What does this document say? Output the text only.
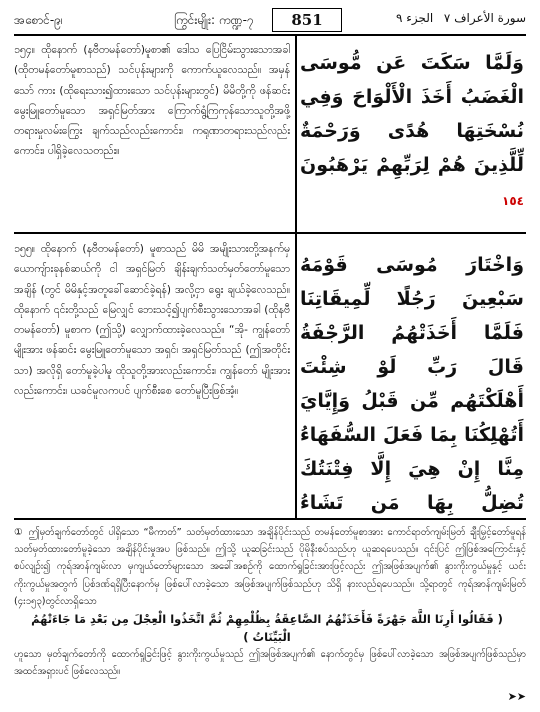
အစောင်-၉၊	ကြွင်းမျိုး: ကဏ္ဍ-၇	851	الجزء ٩ سورة الأعراف ٧

၁၅၄။ ထိုနောက် (နဗီတမန်တော်)မူစာ၏ ဒေါသ ပြေငြိမ်းသွားသောအခါ (ထိုတမန်တော်မူစာသည်) သင်ပုန်းများကို ကောက်ယူလေသည်။ အမှန်သော် ကား (ထိုရေးသား၍ထားသော သင်ပုန်းများတွင်) မိမိတို့ကို ဖန်ဆင်းမွေးမြူတော်မူသော အရှင်မြတ်အား ကြောက်ရွံ့ကြကုန်သောသူတို့အဖို့ တရားမှုလမ်းကြွေး ချက်သည်လည်းကောင်း၊ ကရုဏာတရားသည်လည်း ကောင်း၊ ပါရှိခဲ့လေသတည်း။

၁၅၅။ ထိုနောက် (နဗီတမန်တော်) မူစာသည် မိမိ အမျိုးသားတို့အနက်မှ ယောကျ်ားခုနစ်ဆယ်ကို ငါ အရှင်မြတ် ချိန်းချက်သတ်မှတ်တော်မူသောအချိန် (တွင် မိမိနှင့်အတူခေါ်ဆောင်ခဲ့ရန်) အလို့ငှာ ရွေး ချယ်ခဲ့လေသည်။ ထိုနောက် ၎င်းတို့သည် မြေလျှင် ဘေးသင့်၍ပျက်စီးသွားသောအခါ (ထိုနဗီတမန်တော်) မူစာက (ဤသို့) လျှောက်ထားခဲ့လေသည်။ “အို- ကျွန်တော်မျိုးအား ဖန်ဆင်း မွေးမြူတော်မူသော အရှင်၊ အရှင်မြတ်သည် (ဤအတိုင်းသာ) အလိုရှိ တော်မူခဲ့ပါမူ ထိုသူတို့အားလည်းကောင်း၊ ကျွန်တော် မျိုးအားလည်းကောင်း၊ ယခင်မူလကပင် ပျက်စီးစေ တော်မူပြီးဖြစ်အံ့။

وَلَمَّا سَكَتَ عَن مُّوسَى الْغَضَبُ أَخَذَ الْأَلْوَاحَ وَفِي نُسْخَتِهَا هُدًى وَرَحْمَةٌ لِّلَّذِينَ هُمْ لِرَبِّهِمْ يَرْهَبُونَ ١٥٤

وَاخْتَارَ مُوسَى قَوْمَهُ سَبْعِينَ رَجُلًا لِّمِيقَاتِنَا فَلَمَّا أَخَذَتْهُمُ الرَّجْفَةُ قَالَ رَبِّ لَوْ شِئْتَ أَهْلَكْتَهُم مِّن قَبْلُ وَإِيَّايَ أَتُهْلِكُنَا بِمَا فَعَلَ السُّفَهَاءُ مِنَّا إِنْ هِيَ إِلَّا فِتْنَتُكَ تُضِلُّ بِهَا مَن تَشَاءُ

① ဤမှတ်ချက်တော်တွင် ပါရှိသော “မီကာတ်” သတ်မှတ်ထားသော အချိန်ပိုင်းသည် တမန်တော်မူစာအား ကောင်ရာတ်ကျမ်းမြတ် ချီးမြှင့်တော်မူရန် သတ်မှတ်ထားတော်မူခဲ့သော အချိန်ပိုင်းမှုအပ ဖြစ်သည်။ ဤသို့ ယူဆခြင်းသည် ပိုမိုနီးစပ်သည်ဟု ယူဆရပေသည်။ ၎င်းပြင် ဤဖြစ်အကြောင်းနှင့်စပ်လျဉ်း၍ ကုရ်အာန်ကျမ်းလာ မှကျယ်တော်များသော အခေါ်အစဉ်ကို ထောက်ရှုခြင်းအားဖြင့်လည်း ဤအဖြစ်အပျက်၏ နွားကိုးကွယ်မှုနှင့် ယင်းကိုးကွယ်မှုအတွက် ပြစ်ဒဏ်ရရှိပြီးနောက်မှ ဖြစ်ပေါ်လာခဲ့သော အဖြစ်အပျက်ဖြစ်သည်ဟု သိရှိ နားလည်ရပေသည်။ သို့ရာတွင် ကုရ်အာန်ကျမ်းမြတ် (၄း၁၅၃)တွင်လာရှိသော
( فَقَالُوا أَرِنَا اللَّهَ جَهْرَةً فَأَخَذَتْهُمُ الصَّاعِقَةُ بِظُلْمِهِمْ ثُمَّ اتَّخَذُوا الْعِجْلَ مِن بَعْدِ مَا جَاءَتْهُمُ الْبَيِّنَاتُ )
ဟူသော မှတ်ချက်တော်ကို ထောက်ရှုခြင်းဖြင့် နွားကိုးကွယ်မှုသည် ဤအဖြစ်အပျက်၏ နောက်တွင်မှ ဖြစ်ပေါ်လာခဲ့သော အဖြစ်အပျက်ဖြစ်သည်မှာ အထင်အရှားပင် ဖြစ်လေသည်။
➤➤
